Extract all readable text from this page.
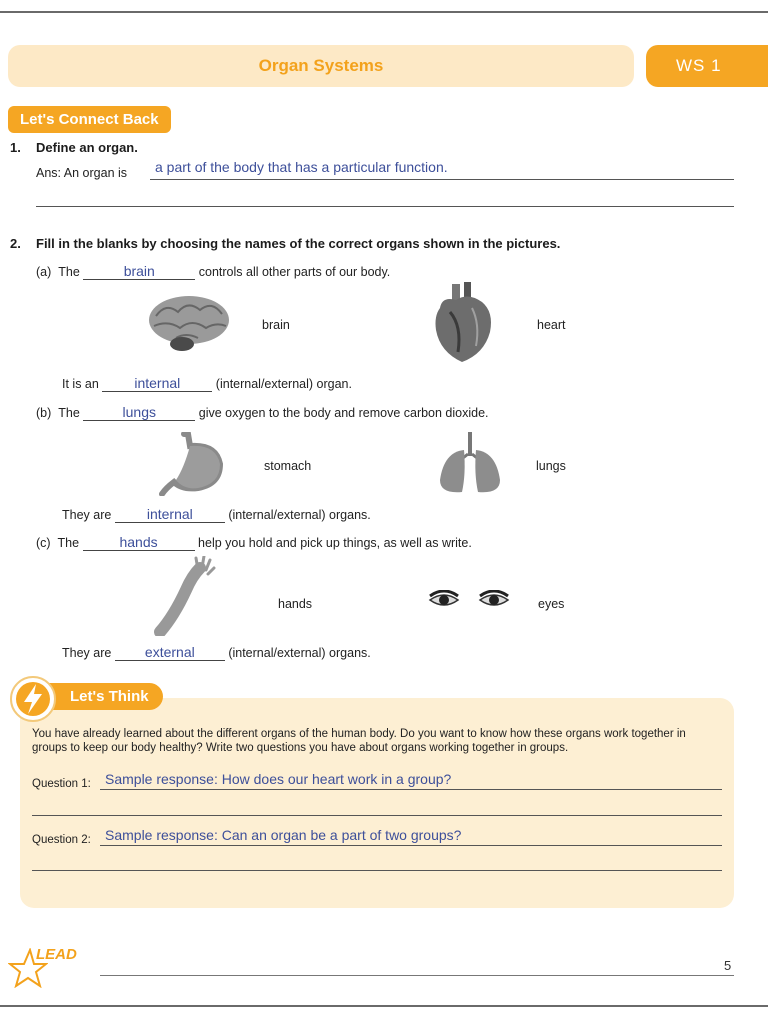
Organ Systems	WS 1
Let's Connect Back
1. Define an organ.
Ans: An organ is a part of the body that has a particular function.
2. Fill in the blanks by choosing the names of the correct organs shown in the pictures.
(a) The	brain	controls all other parts of our body.
brain	heart
It is an	internal	(internal/external) organ.
(b) The	lungs	give oxygen to the body and remove carbon dioxide.
stomach	lungs
They are	internal	(internal/external) organs.
(c) The	hands	help you hold and pick up things, as well as write.
hands	eyes
They are external	(internal/external) organs.
Let's Think
You have already learned about the different organs of the human body. Do you want to know how these organs work together in groups to keep our body healthy? Write two questions you have about organs working together in groups.
Question 1: Sample response: How does our heart work in a group?
Question 2: Sample response: Can an organ be a part of two groups?
LEAD
5
